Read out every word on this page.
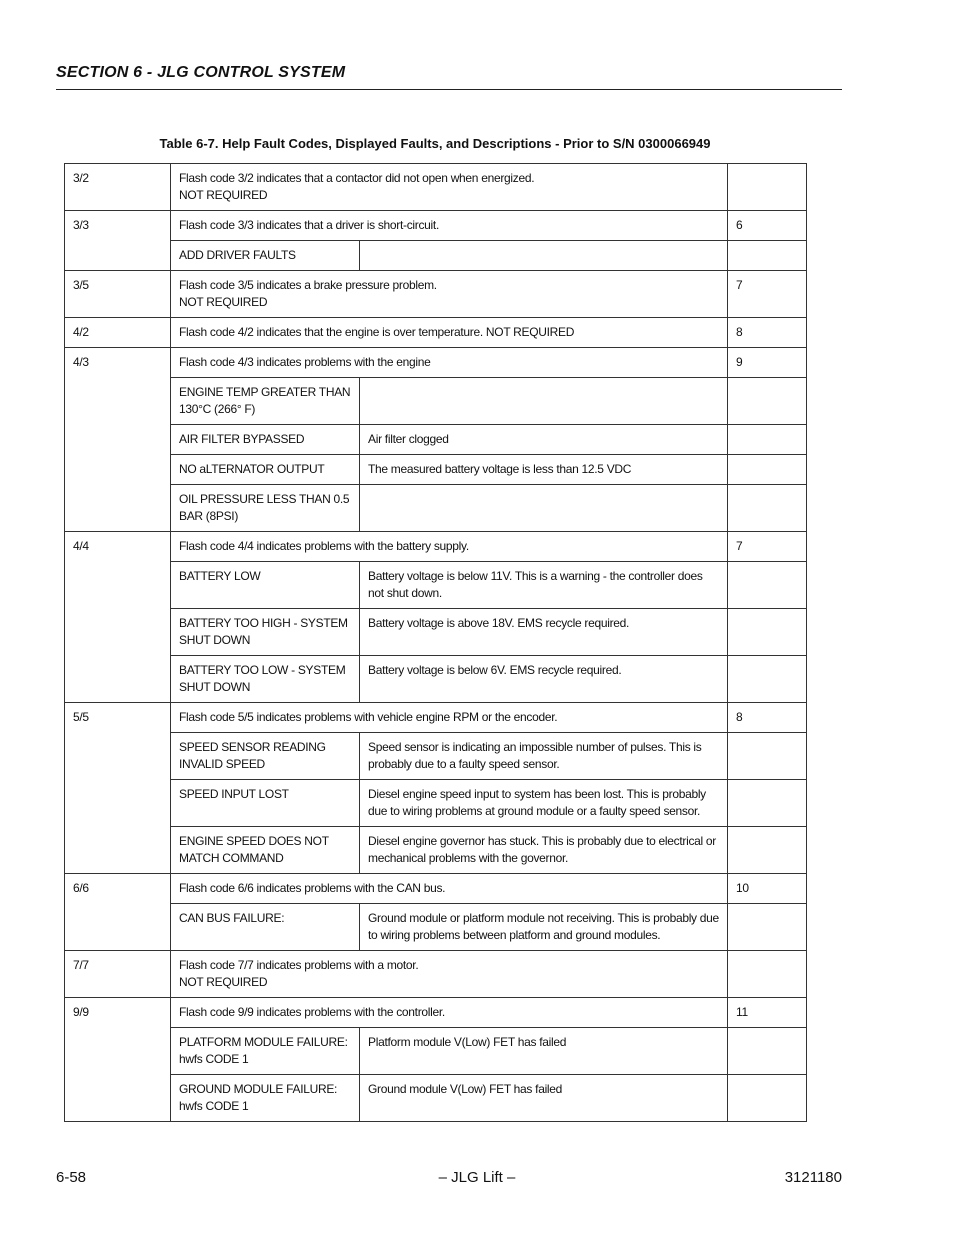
SECTION 6 - JLG CONTROL SYSTEM
Table 6-7. Help Fault Codes, Displayed Faults, and Descriptions - Prior to S/N 0300066949
3/2	Flash code 3/2 indicates that a contactor did not open when energized.
NOT REQUIRED		
3/3	Flash code 3/3 indicates that a driver is short-circuit.		6
	ADD DRIVER FAULTS		
3/5	Flash code 3/5 indicates a brake pressure problem.
NOT REQUIRED		7
4/2	Flash code 4/2 indicates that the engine is over temperature. NOT REQUIRED		8
4/3	Flash code 4/3 indicates problems with the engine		9
	ENGINE TEMP GREATER THAN 130°C (266° F)		
	AIR FILTER BYPASSED	Air filter clogged	
	NO aLTERNATOR OUTPUT	The measured battery voltage is less than 12.5 VDC	
	OIL PRESSURE LESS THAN 0.5 BAR (8PSI)		
4/4	Flash code 4/4 indicates problems with the battery supply.		7
	BATTERY LOW	Battery voltage is below 11V. This is a warning - the controller does not shut down.	
	BATTERY TOO HIGH - SYSTEM SHUT DOWN	Battery voltage is above 18V. EMS recycle required.	
	BATTERY TOO LOW - SYSTEM SHUT DOWN	Battery voltage is below 6V. EMS recycle required.	
5/5	Flash code 5/5 indicates problems with vehicle engine RPM or the encoder.		8
	SPEED SENSOR READING INVALID SPEED	Speed sensor is indicating an impossible number of pulses. This is probably due to a faulty speed sensor.	
	SPEED INPUT LOST	Diesel engine speed input to system has been lost. This is probably due to wiring problems at ground module or a faulty speed sensor.	
	ENGINE SPEED DOES NOT MATCH COMMAND	Diesel engine governor has stuck. This is probably due to electrical or mechanical problems with the governor.	
6/6	Flash code 6/6 indicates problems with the CAN bus.		10
	CAN BUS FAILURE:	Ground module or platform module not receiving. This is probably due to wiring problems between platform and ground modules.	
7/7	Flash code 7/7 indicates problems with a motor.
NOT REQUIRED		
9/9	Flash code 9/9 indicates problems with the controller.		11
	PLATFORM MODULE FAILURE: hwfs CODE 1	Platform module V(Low) FET has failed	
	GROUND MODULE FAILURE: hwfs CODE 1	Ground module V(Low) FET has failed	
6-58	– JLG Lift –	3121180
